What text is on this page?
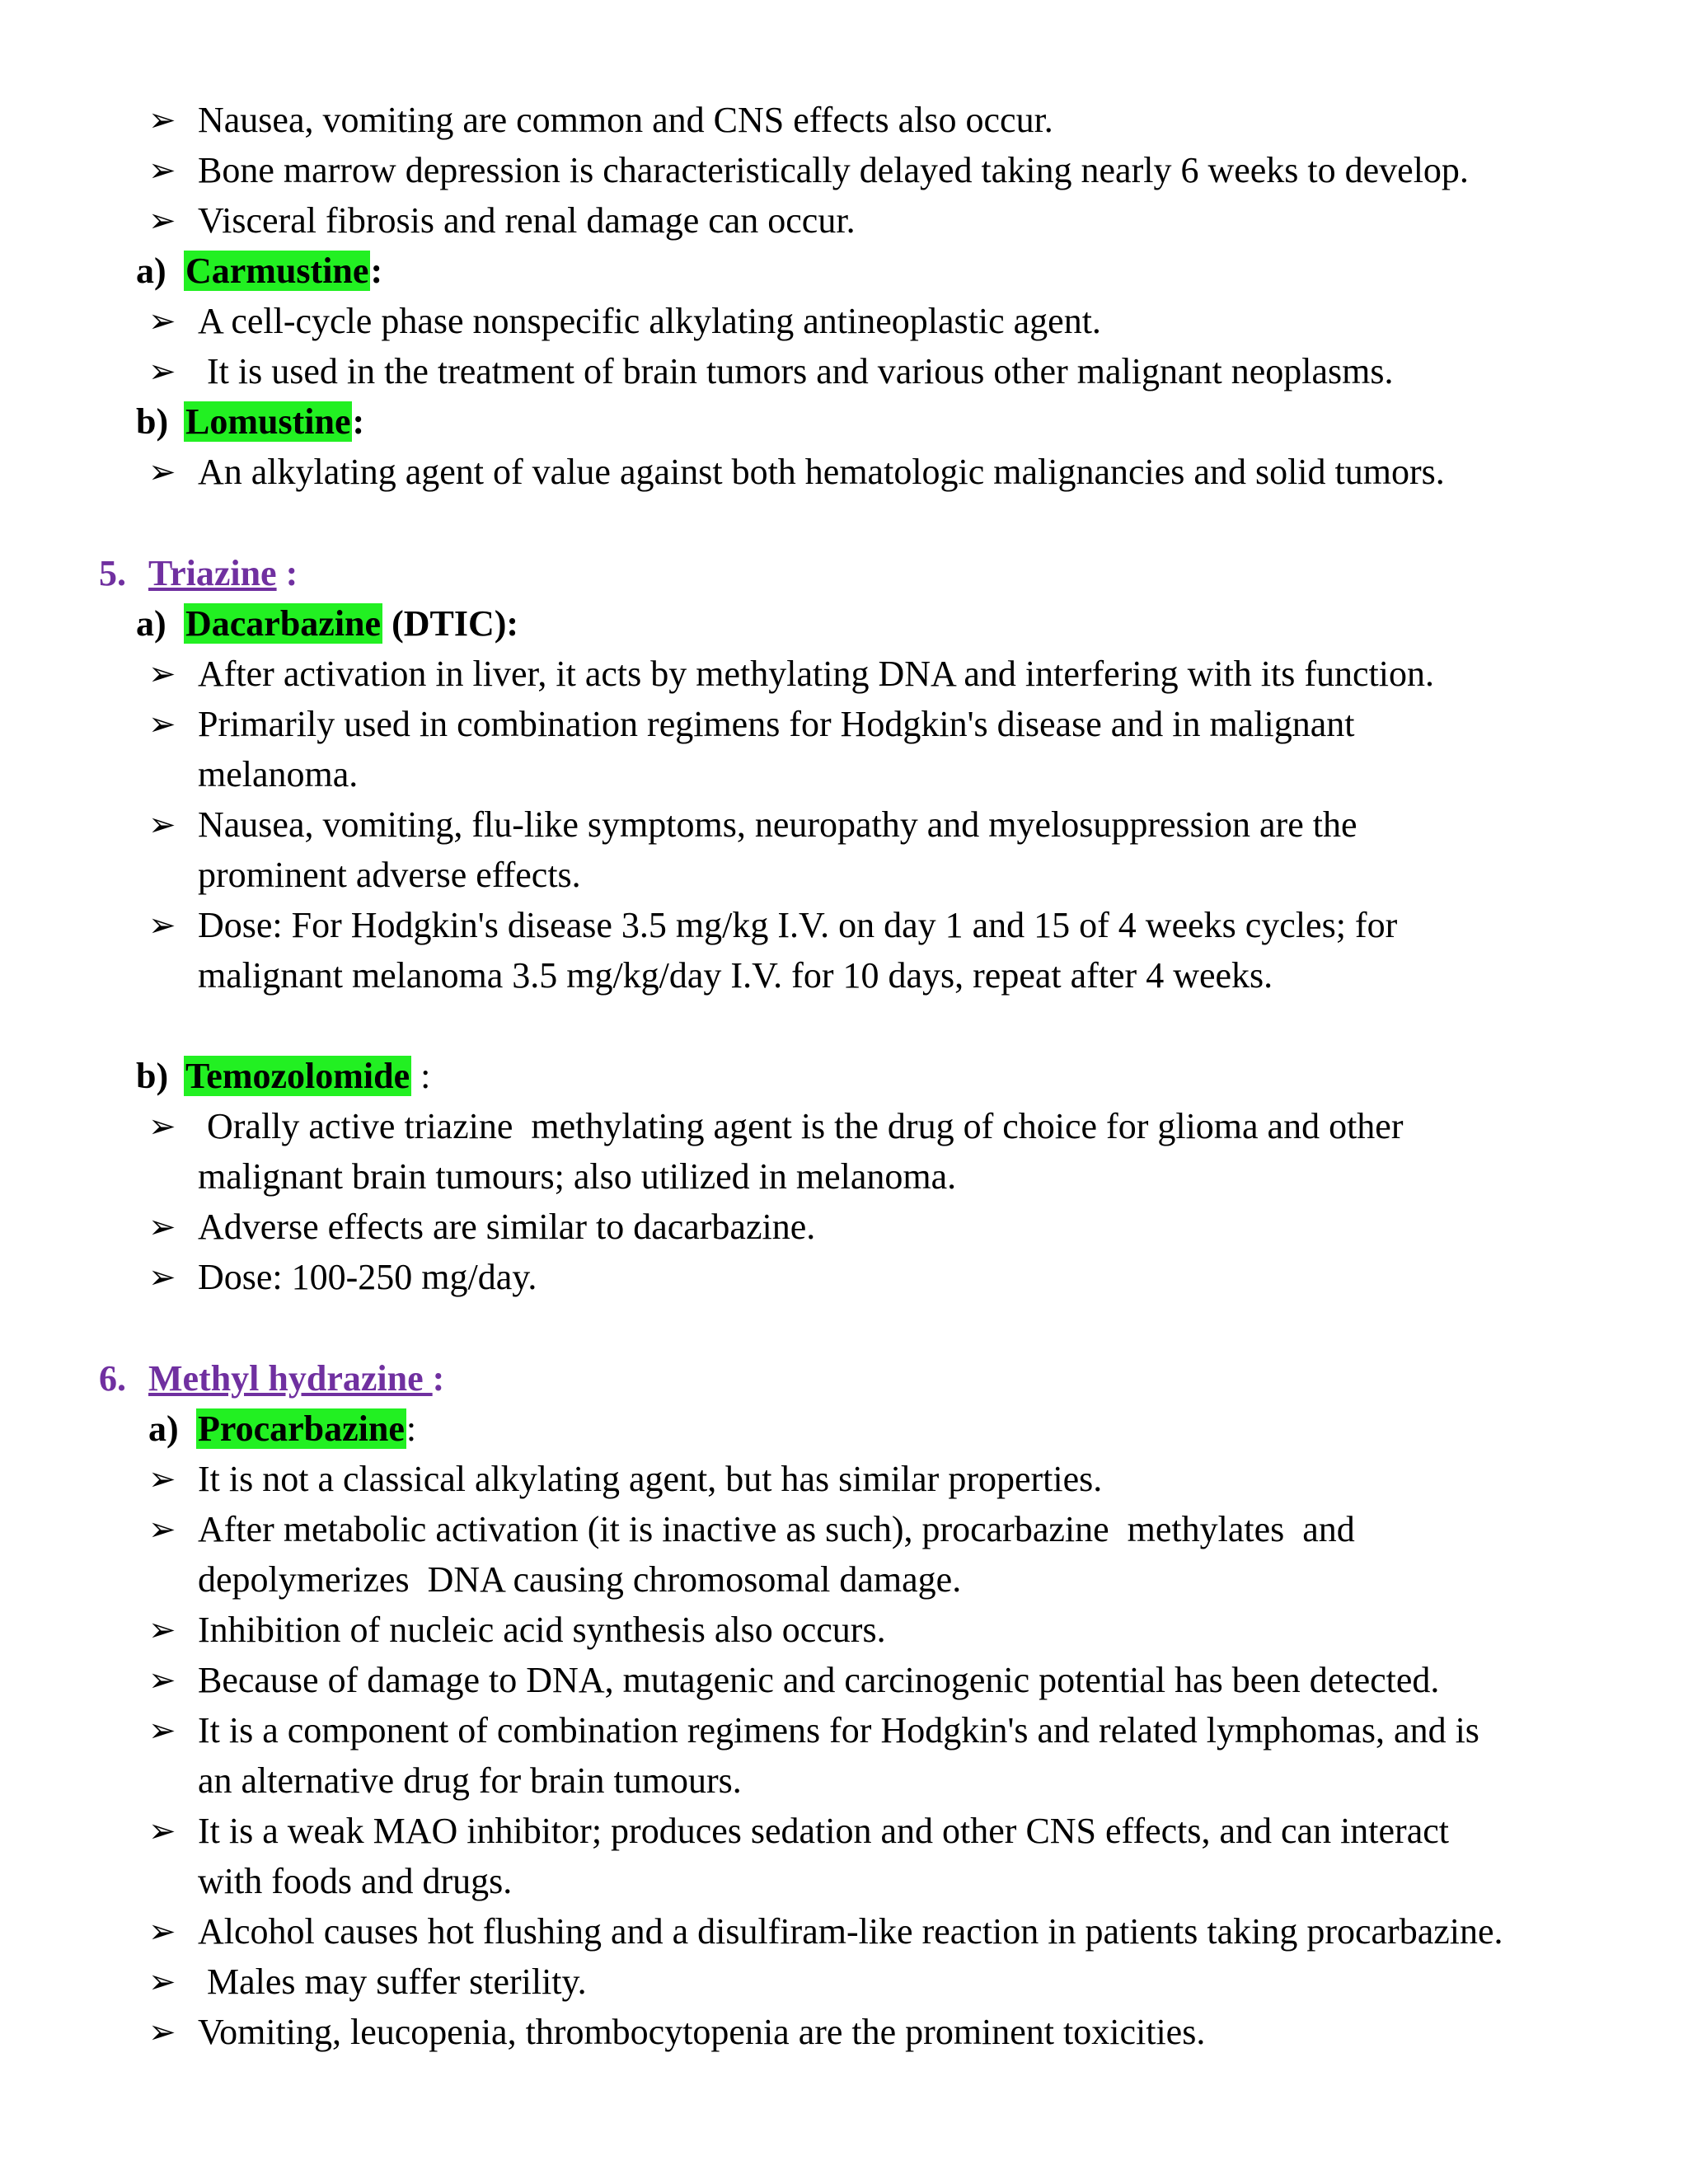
➢ Nausea, vomiting are common and CNS effects also occur.
➢ Bone marrow depression is characteristically delayed taking nearly 6 weeks to develop.
➢ Visceral fibrosis and renal damage can occur.
a) Carmustine:
➢ A cell-cycle phase nonspecific alkylating antineoplastic agent.
➢ It is used in the treatment of brain tumors and various other malignant neoplasms.
b) Lomustine:
➢ An alkylating agent of value against both hematologic malignancies and solid tumors.
5. Triazine :
a) Dacarbazine (DTIC):
➢ After activation in liver, it acts by methylating DNA and interfering with its function.
➢ Primarily used in combination regimens for Hodgkin's disease and in malignant
melanoma.
➢ Nausea, vomiting, flu-like symptoms, neuropathy and myelosuppression are the
prominent adverse effects.
➢ Dose: For Hodgkin's disease 3.5 mg/kg I.V. on day 1 and 15 of 4 weeks cycles; for
malignant melanoma 3.5 mg/kg/day I.V. for 10 days, repeat after 4 weeks.
b) Temozolomide :
➢ Orally active triazine  methylating agent is the drug of choice for glioma and other
malignant brain tumours; also utilized in melanoma.
➢ Adverse effects are similar to dacarbazine.
➢ Dose: 100-250 mg/day.
6. Methyl hydrazine :
a) Procarbazine:
➢ It is not a classical alkylating agent, but has similar properties.
➢ After metabolic activation (it is inactive as such), procarbazine  methylates  and
depolymerizes  DNA causing chromosomal damage.
➢ Inhibition of nucleic acid synthesis also occurs.
➢ Because of damage to DNA, mutagenic and carcinogenic potential has been detected.
➢ It is a component of combination regimens for Hodgkin's and related lymphomas, and is
an alternative drug for brain tumours.
➢ It is a weak MAO inhibitor; produces sedation and other CNS effects, and can interact
with foods and drugs.
➢ Alcohol causes hot flushing and a disulfiram-like reaction in patients taking procarbazine.
➢ Males may suffer sterility.
➢ Vomiting, leucopenia, thrombocytopenia are the prominent toxicities.
